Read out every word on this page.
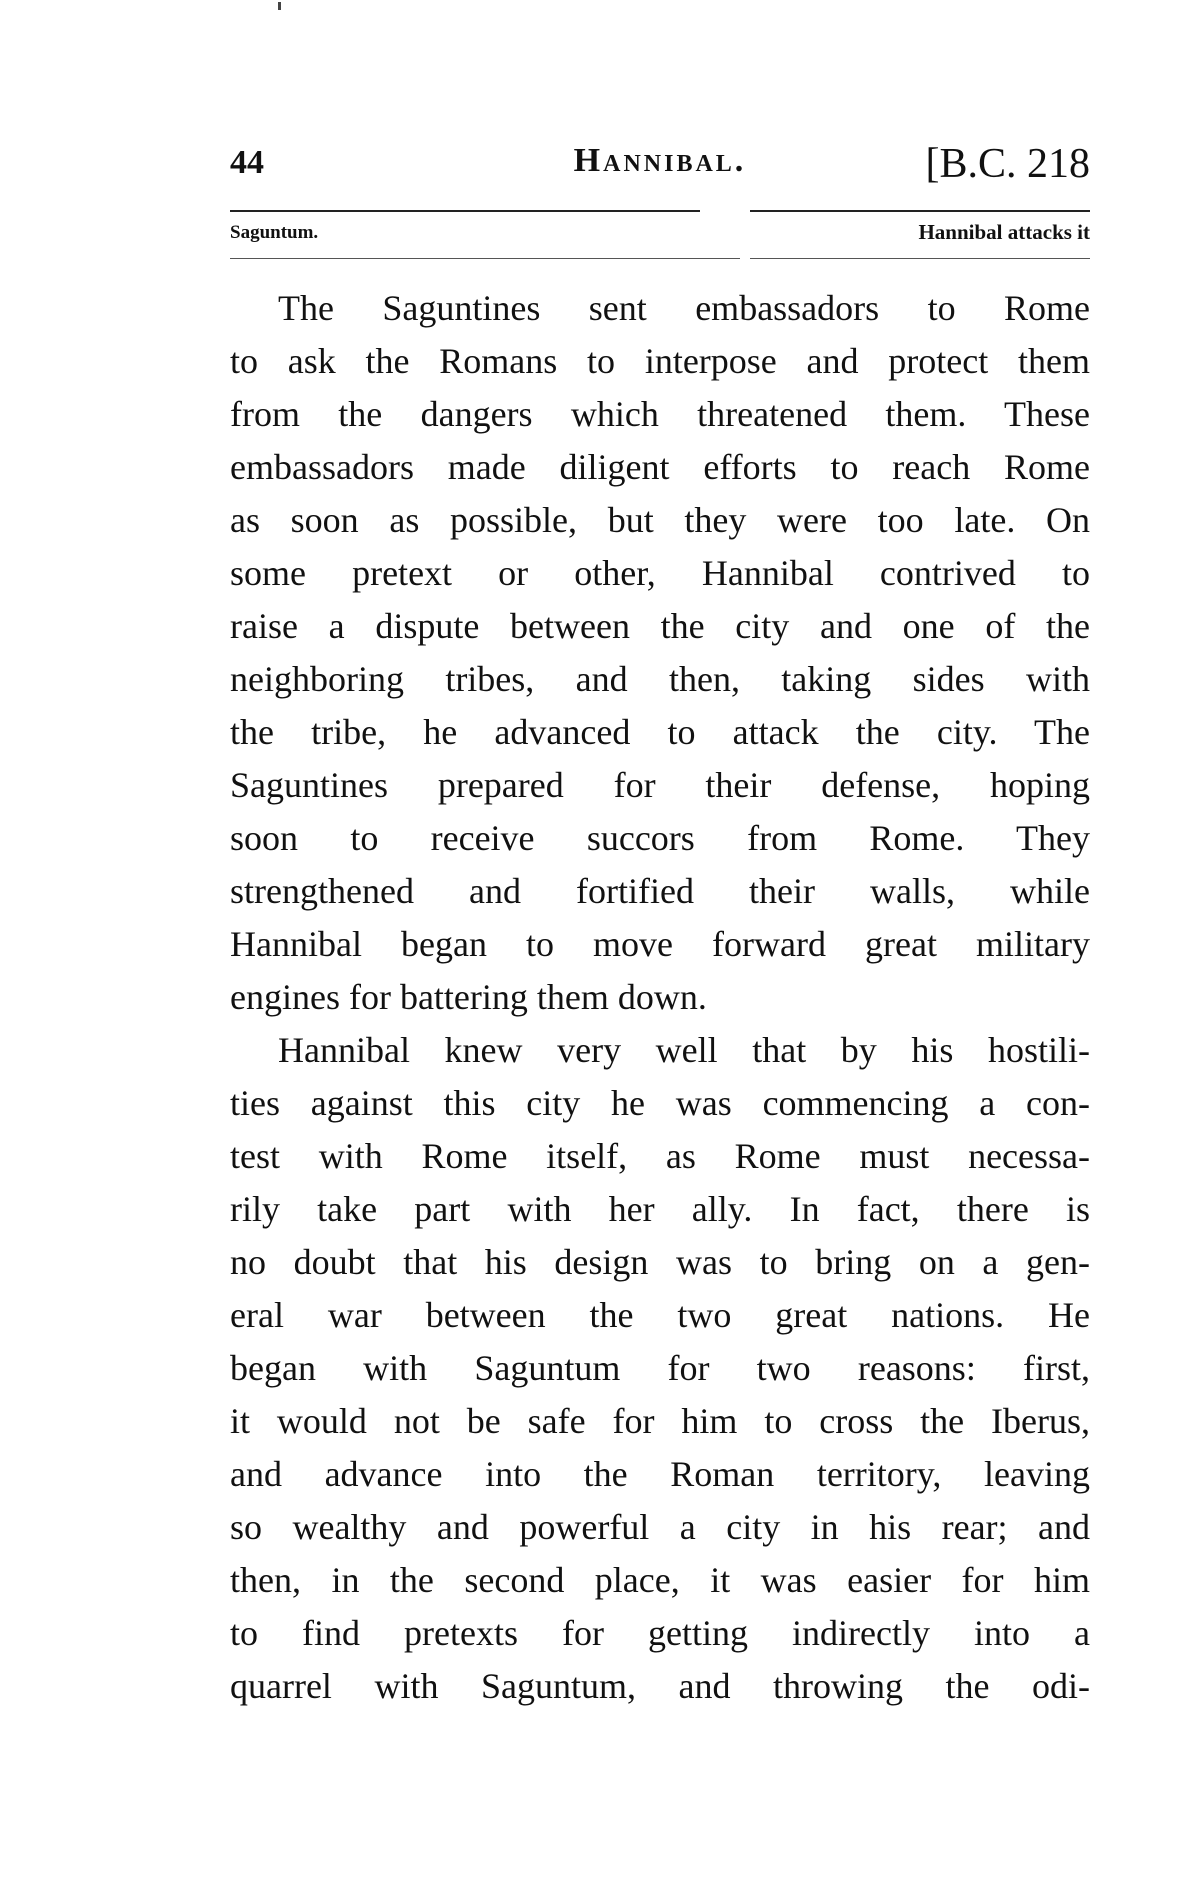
44	Hannibal.	[B.C. 218
Saguntum.	Hannibal attacks it
The Saguntines sent embassadors to Rome
to ask the Romans to interpose and protect them
from the dangers which threatened them. These
embassadors made diligent efforts to reach Rome
as soon as possible, but they were too late. On
some pretext or other, Hannibal contrived to
raise a dispute between the city and one of the
neighboring tribes, and then, taking sides with
the tribe, he advanced to attack the city. The
Saguntines prepared for their defense, hoping
soon to receive succors from Rome. They
strengthened and fortified their walls, while
Hannibal began to move forward great military
engines for battering them down.
Hannibal knew very well that by his hostili-
ties against this city he was commencing a con-
test with Rome itself, as Rome must necessa-
rily take part with her ally. In fact, there is
no doubt that his design was to bring on a gen-
eral war between the two great nations. He
began with Saguntum for two reasons: first,
it would not be safe for him to cross the Iberus,
and advance into the Roman territory, leaving
so wealthy and powerful a city in his rear; and
then, in the second place, it was easier for him
to find pretexts for getting indirectly into a
quarrel with Saguntum, and throwing the odi-
